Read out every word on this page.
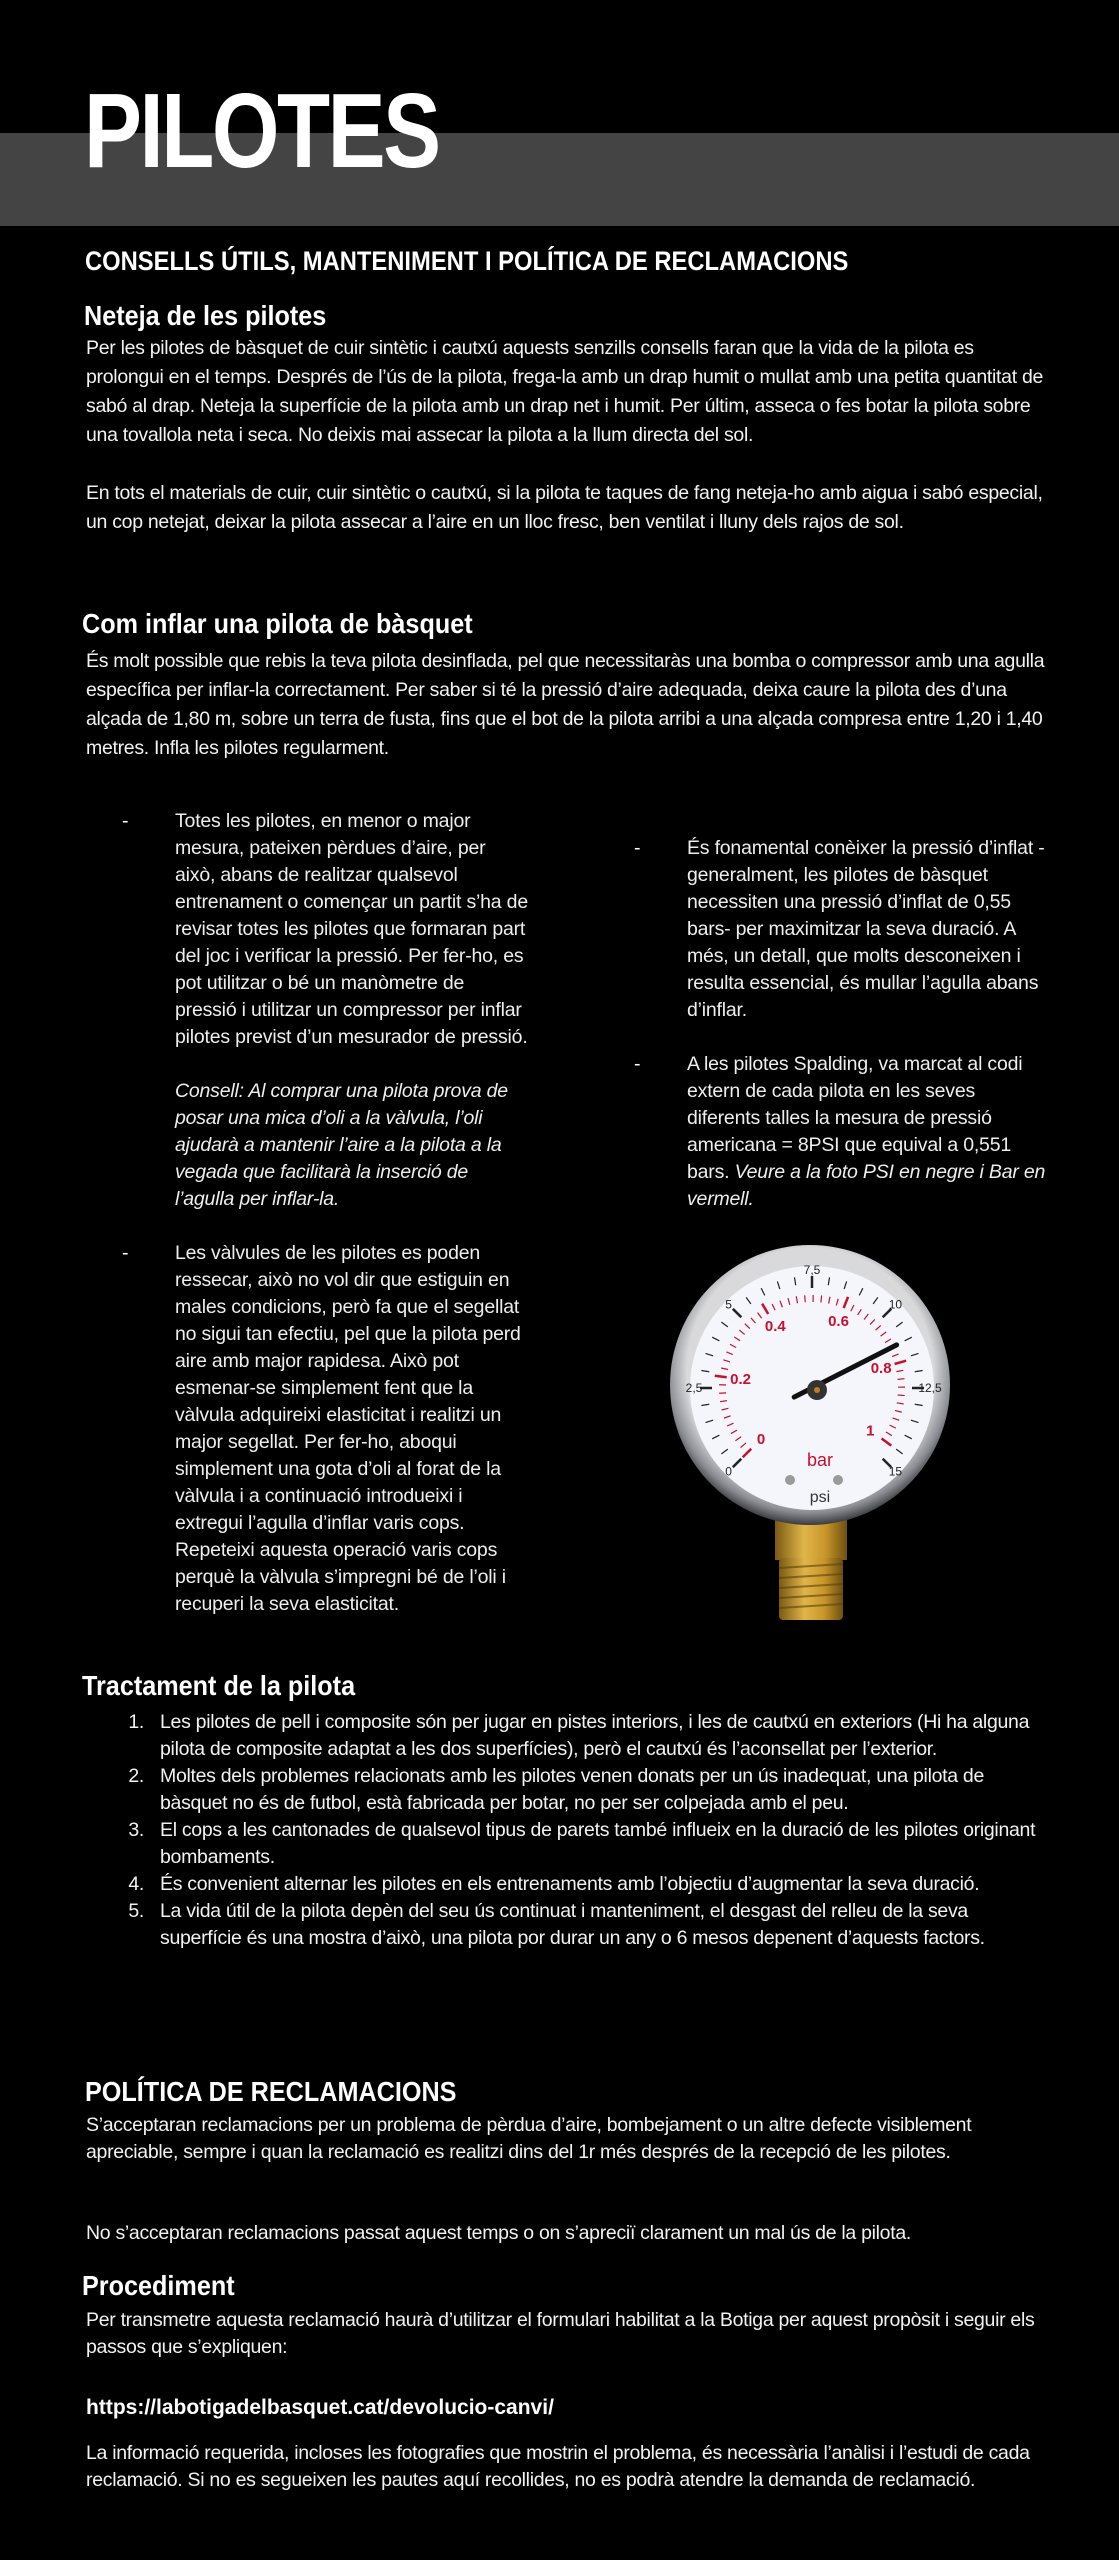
PILOTES
CONSELLS ÚTILS, MANTENIMENT I POLÍTICA DE RECLAMACIONS
Neteja de les pilotes

Per les pilotes de bàsquet de cuir sintètic i cautxú aquests senzills consells faran que la vida de la pilota es prolongui en el temps. Després de l’ús de la pilota, frega-la amb un drap humit o mullat amb una petita quantitat de sabó al drap. Neteja la superfície de la pilota amb un drap net i humit. Per últim, asseca o fes botar la pilota sobre una tovallola neta i seca. No deixis mai assecar la pilota a la llum directa del sol.

En tots el materials de cuir, cuir sintètic o cautxú, si la pilota te taques de fang neteja-ho amb aigua i sabó especial, un cop netejat, deixar la pilota assecar a l’aire en un lloc fresc, ben ventilat i lluny dels rajos de sol.

Com inflar una pilota de bàsquet

És molt possible que rebis la teva pilota desinflada, pel que necessitaràs una bomba o compressor amb una agulla específica per inflar-la correctament. Per saber si té la pressió d’aire adequada, deixa caure la pilota des d’una alçada de 1,80 m, sobre un terra de fusta, fins que el bot de la pilota arribi a una alçada compresa entre 1,20 i 1,40 metres. Infla les pilotes regularment.

-	Totes les pilotes, en menor o major mesura, pateixen pèrdues d’aire, per això, abans de realitzar qualsevol entrenament o començar un partit s’ha de revisar totes les pilotes que formaran part del joc i verificar la pressió. Per fer-ho, es pot utilitzar o bé un manòmetre de pressió i utilitzar un compressor per inflar pilotes previst d’un mesurador de pressió.

Consell: Al comprar una pilota prova de posar una mica d’oli a la vàlvula, l’oli ajudarà a mantenir l’aire a la pilota a la vegada que facilitarà la inserció de l’agulla per inflar-la.

-	Les vàlvules de les pilotes es poden ressecar, això no vol dir que estiguin en males condicions, però fa que el segellat no sigui tan efectiu, pel que la pilota perd aire amb major rapidesa. Això pot esmenar-se simplement fent que la vàlvula adquireixi elasticitat i realitzi un major segellat. Per fer-ho, aboqui simplement una gota d’oli al forat de la vàlvula i a continuació introdueixi i extregui l’agulla d’inflar varis cops. Repeteixi aquesta operació varis cops perquè la vàlvula s’impregni bé de l’oli i recuperi la seva elasticitat.

-	És fonamental conèixer la pressió d’inflat -generalment, les pilotes de bàsquet necessiten una pressió d’inflat de 0,55 bars- per maximitzar la seva duració. A més, un detall, que molts desconeixen i resulta essencial, és mullar l’agulla abans d’inflar.

-	A les pilotes Spalding, va marcat al codi extern de cada pilota en les seves diferents talles la mesura de pressió americana = 8PSI que equival a 0,551 bars. Veure a la foto PSI en negre i Bar en vermell.

0
2,5
5
7,5
10
12,5
15
0
0.2
0.4	0.6
0.8
1
bar
psi
Tractament de la pilota
1. Les pilotes de pell i composite són per jugar en pistes interiors, i les de cautxú en exteriors (Hi ha alguna pilota de composite adaptat a les dos superfícies), però el cautxú és l’aconsellat per l’exterior.
2. Moltes dels problemes relacionats amb les pilotes venen donats per un ús inadequat, una pilota de bàsquet no és de futbol, està fabricada per botar, no per ser colpejada amb el peu.
3. El cops a les cantonades de qualsevol tipus de parets també influeix en la duració de les pilotes originant bombaments.
4. És convenient alternar les pilotes en els entrenaments amb l’objectiu d’augmentar la seva duració.
5. La vida útil de la pilota depèn del seu ús continuat i manteniment, el desgast del relleu de la seva superfície és una mostra d’això, una pilota por durar un any o 6 mesos depenent d’aquests factors.
POLÍTICA DE RECLAMACIONS

S’acceptaran reclamacions per un problema de pèrdua d’aire, bombejament o un altre defecte visiblement apreciable, sempre i quan la reclamació es realitzi dins del 1r més després de la recepció de les pilotes.

No s’acceptaran reclamacions passat aquest temps o on s’apreciï clarament un mal ús de la pilota.

Procediment

Per transmetre aquesta reclamació haurà d’utilitzar el formulari habilitat a la Botiga per aquest propòsit i seguir els passos que s’expliquen:

https://labotigadelbasquet.cat/devolucio-canvi/

La informació requerida, incloses les fotografies que mostrin el problema, és necessària l’anàlisi i l’estudi de cada reclamació. Si no es segueixen les pautes aquí recollides, no es podrà atendre la demanda de reclamació.
